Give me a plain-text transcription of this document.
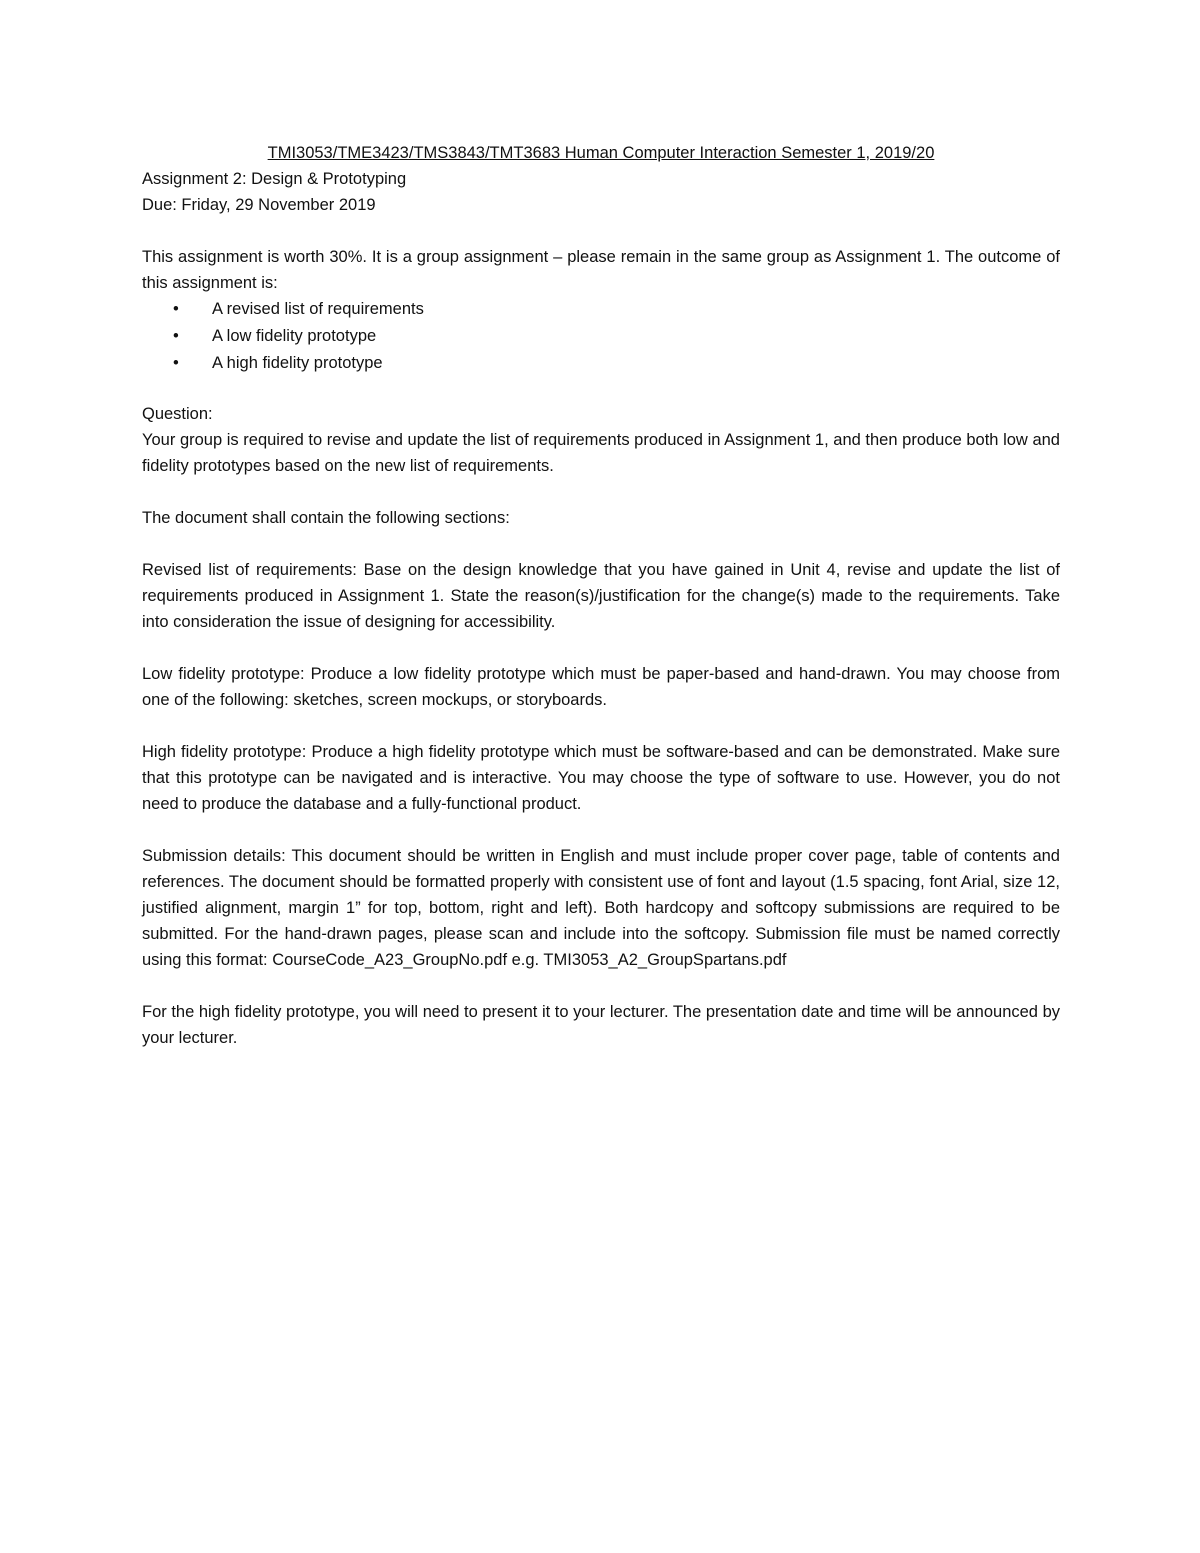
TMI3053/TME3423/TMS3843/TMT3683 Human Computer Interaction Semester 1, 2019/20

Assignment 2: Design & Prototyping

Due: Friday, 29 November 2019

This assignment is worth 30%. It is a group assignment – please remain in the same group as Assignment 1. The outcome of this assignment is:

• A revised list of requirements
• A low fidelity prototype
• A high fidelity prototype

Question:

Your group is required to revise and update the list of requirements produced in Assignment 1, and then produce both low and fidelity prototypes based on the new list of requirements.

The document shall contain the following sections:

Revised list of requirements: Base on the design knowledge that you have gained in Unit 4, revise and update the list of requirements produced in Assignment 1. State the reason(s)/justification for the change(s) made to the requirements. Take into consideration the issue of designing for accessibility.

Low fidelity prototype: Produce a low fidelity prototype which must be paper-based and hand-drawn. You may choose from one of the following: sketches, screen mockups, or storyboards.

High fidelity prototype: Produce a high fidelity prototype which must be software-based and can be demonstrated. Make sure that this prototype can be navigated and is interactive. You may choose the type of software to use. However, you do not need to produce the database and a fully-functional product.

Submission details: This document should be written in English and must include proper cover page, table of contents and references. The document should be formatted properly with consistent use of font and layout (1.5 spacing, font Arial, size 12, justified alignment, margin 1” for top, bottom, right and left). Both hardcopy and softcopy submissions are required to be submitted. For the hand-drawn pages, please scan and include into the softcopy. Submission file must be named correctly using this format: CourseCode_A23_GroupNo.pdf e.g. TMI3053_A2_GroupSpartans.pdf

For the high fidelity prototype, you will need to present it to your lecturer. The presentation date and time will be announced by your lecturer.
